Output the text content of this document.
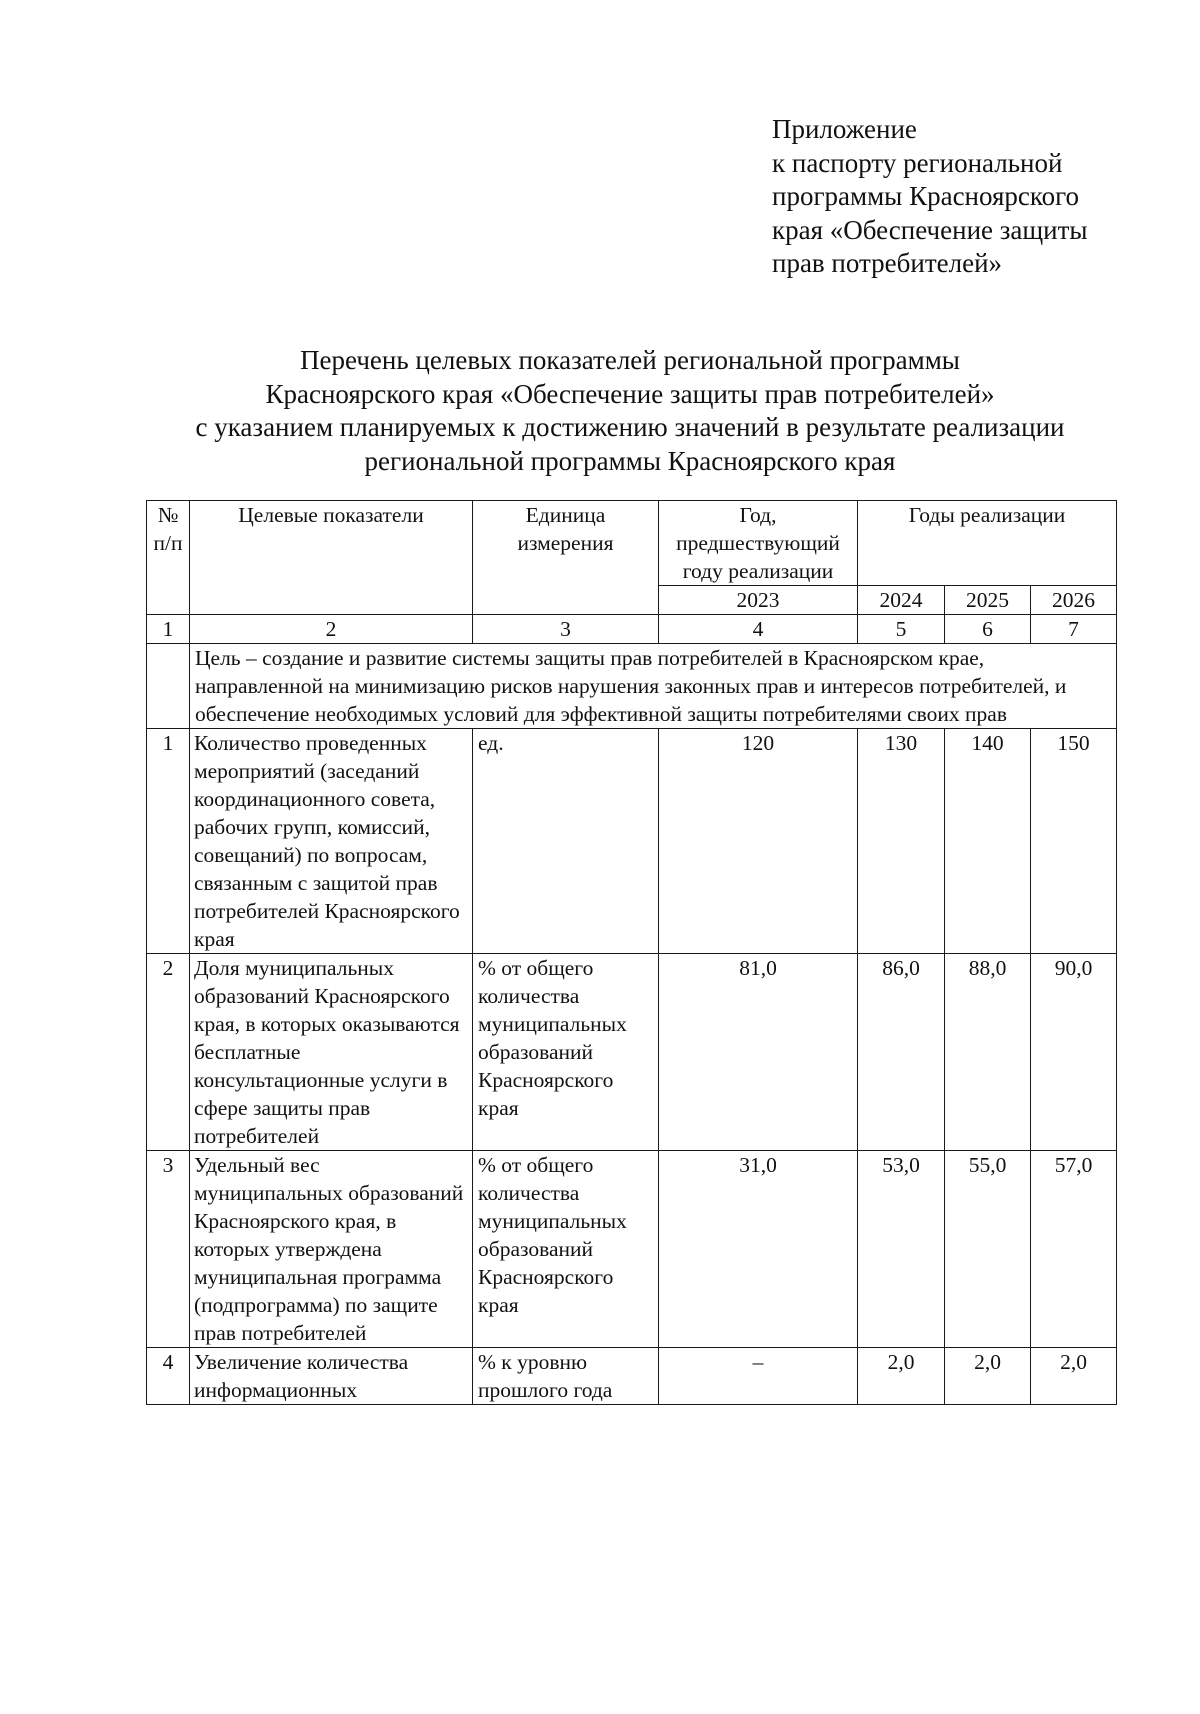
Приложение
к паспорту региональной
программы Красноярского
края «Обеспечение защиты
прав потребителей»
Перечень целевых показателей региональной программы
Красноярского края «Обеспечение защиты прав потребителей»
с указанием планируемых к достижению значений в результате реализации
региональной программы Красноярского края
№ п/п	Целевые показатели	Единица измерения	Год, предшествующий году реализации	Годы реализации		
			2023	2024	2025	2026
1	2	3	4	5	6	7
	Цель – создание и развитие системы защиты прав потребителей в Красноярском крае, направленной на минимизацию рисков нарушения законных прав и интересов потребителей, и обеспечение необходимых условий для эффективной защиты потребителями своих прав					
1	Количество проведенных мероприятий (заседаний координационного совета, рабочих групп, комиссий, совещаний) по вопросам, связанным с защитой прав потребителей Красноярского края	ед.	120	130	140	150
2	Доля муниципальных образований Красноярского края, в которых оказываются бесплатные консультационные услуги в сфере защиты прав потребителей	% от общего количества муниципальных образований Красноярского края	81,0	86,0	88,0	90,0
3	Удельный вес муниципальных образований Красноярского края, в которых утверждена муниципальная программа (подпрограмма) по защите прав потребителей	% от общего количества муниципальных образований Красноярского края	31,0	53,0	55,0	57,0
4	Увеличение количества информационных	% к уровню прошлого года	–	2,0	2,0	2,0
